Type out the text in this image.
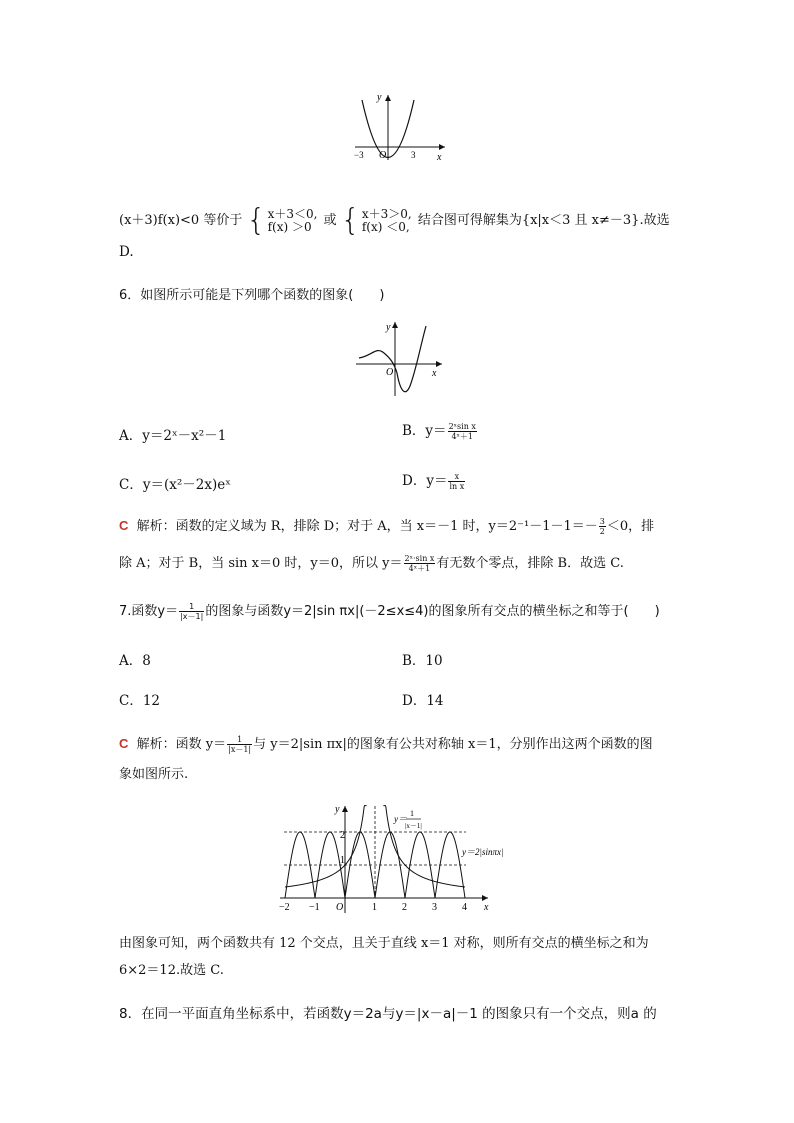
y
x
O
−3	3
(x＋3)f(x)<0 等价于 { x＋3＜0,
f(x) ＞0 或 { x＋3＞0,
f(x) ＜0, 结合图可得解集为{x|x＜3 且 x≠－3}.故选
D.
6．如图所示可能是下列哪个函数的图象(　　)
y
x
O
A．y＝2ˣ－x²－1	B．$y= \frac{\text{2ˣsin x}}{\text{4ˣ＋1}}$
C．y＝(x²－2x)eˣ	D．$y= \frac{x}{\text{ln x}}$
C 解析：函数的定义域为 R，排除 D；对于 A，当 x＝－1 时，$y=2^{-1}-1-1=- \frac{3}{2} <0$，排
除 A；对于 B，当 sin x＝0 时，y＝0，所以 $y= \frac{\text{2ˣ·sin x}}{\text{4ˣ＋1}}$ 有无数个零点，排除 B．故选 C.
7.函数$y= \frac{1}{|x-1|}$ 的图象与函数y＝2|sin πx|(－2≤x≤4)的图象所有交点的横坐标之和等于(　　)
A．8	B．10
C．12	D．14
C 解析：函数 $y= \frac{1}{|x-1|}$ 与 y＝2|sin πx|的图象有公共对称轴 x＝1，分别作出这两个函数的图
象如图所示.
y
x
O
2
1
−2 −1	1	2	3	4
y＝
1
|x－1|
y＝2|sinπx|
由图象可知，两个函数共有 12 个交点，且关于直线 x＝1 对称，则所有交点的横坐标之和为
6×2＝12.故选 C.
8．在同一平面直角坐标系中，若函数y＝2a与y＝|x－a|－1 的图象只有一个交点，则a 的
